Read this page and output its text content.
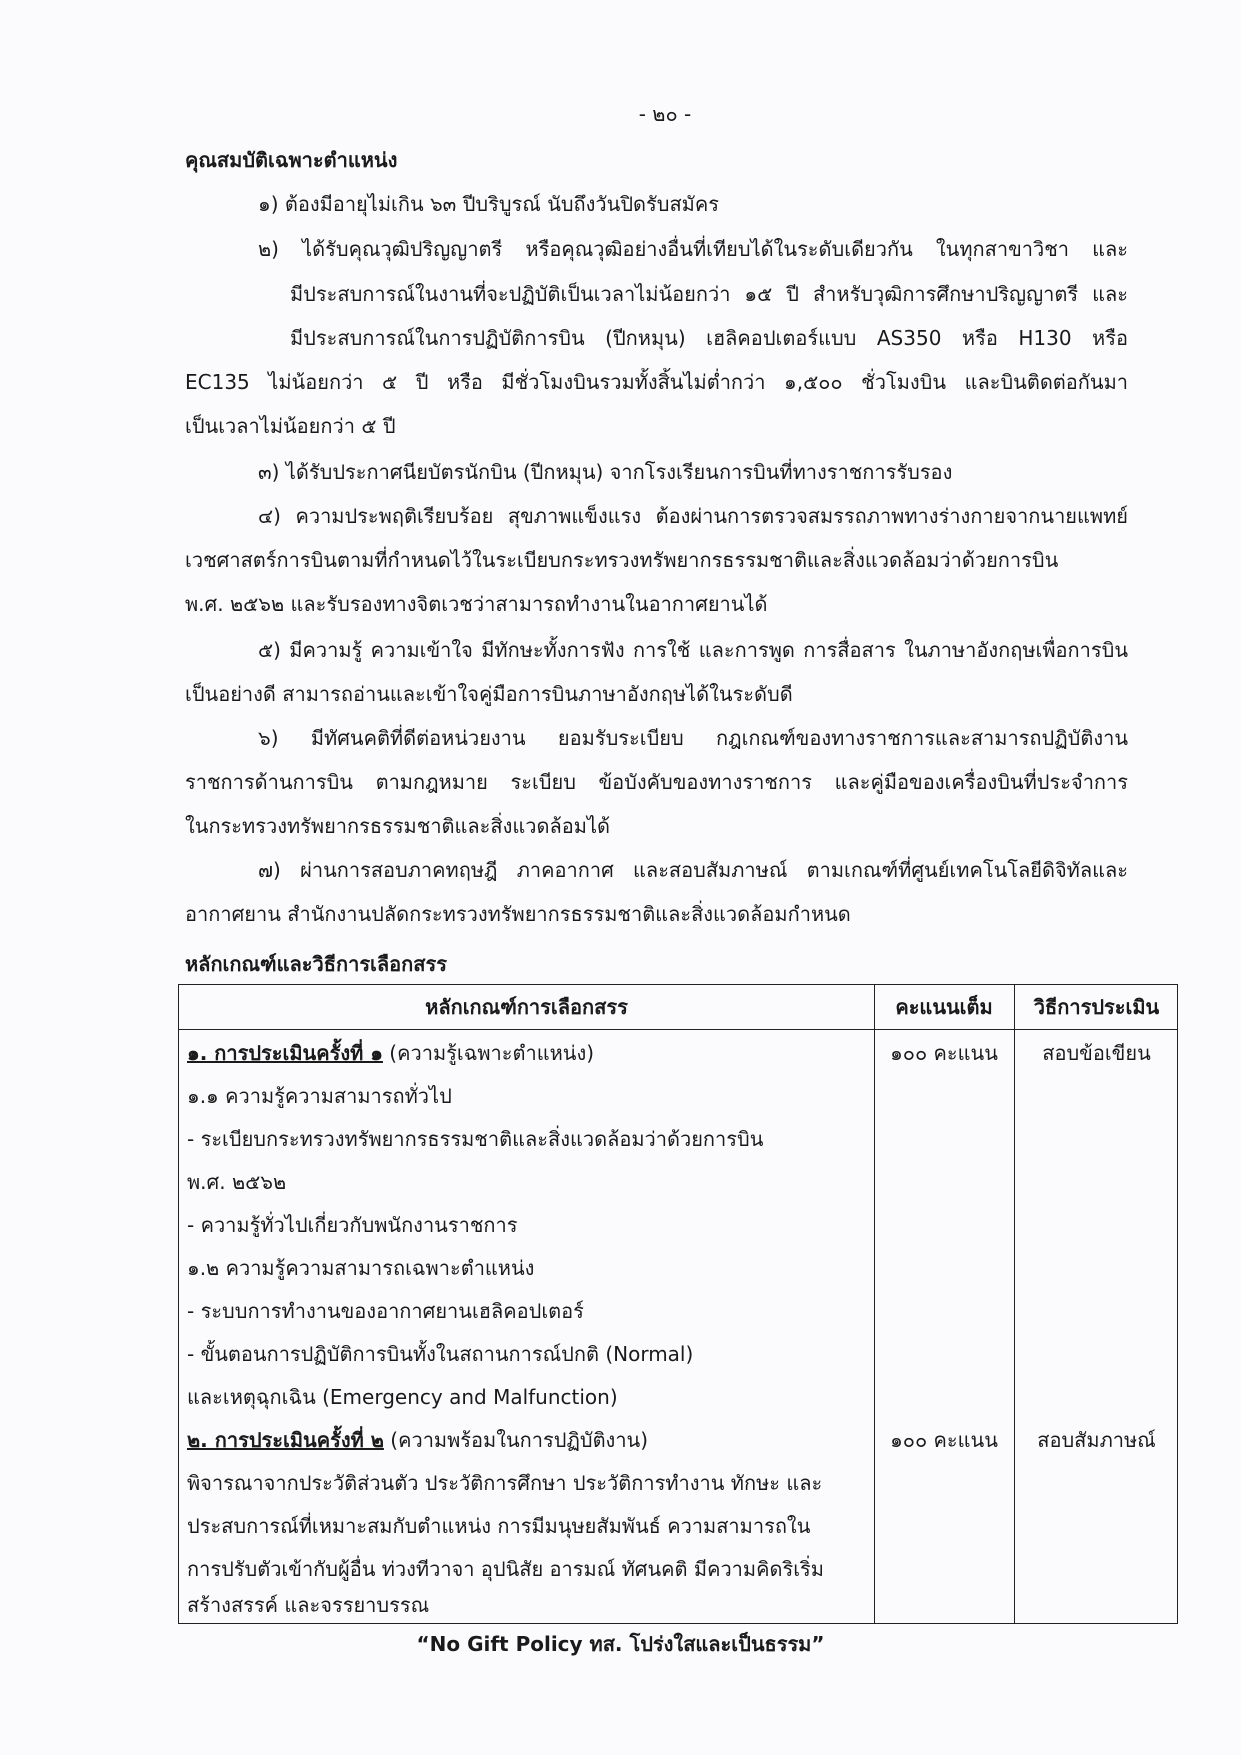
- ๒๐ -

คุณสมบัติเฉพาะตำแหน่ง

๑) ต้องมีอายุไม่เกิน ๖๓ ปีบริบูรณ์ นับถึงวันปิดรับสมัคร

๒) ได้รับคุณวุฒิปริญญาตรี หรือคุณวุฒิอย่างอื่นที่เทียบได้ในระดับเดียวกัน ในทุกสาขาวิชา และ

มีประสบการณ์ในงานที่จะปฏิบัติเป็นเวลาไม่น้อยกว่า ๑๕ ปี สำหรับวุฒิการศึกษาปริญญาตรี และ

มีประสบการณ์ในการปฏิบัติการบิน (ปีกหมุน) เฮลิคอปเตอร์แบบ AS350 หรือ H130 หรือ

EC135 ไม่น้อยกว่า ๕ ปี หรือ มีชั่วโมงบินรวมทั้งสิ้นไม่ต่ำกว่า ๑,๕๐๐ ชั่วโมงบิน และบินติดต่อกันมา

เป็นเวลาไม่น้อยกว่า ๕ ปี

๓) ได้รับประกาศนียบัตรนักบิน (ปีกหมุน) จากโรงเรียนการบินที่ทางราชการรับรอง

๔) ความประพฤติเรียบร้อย สุขภาพแข็งแรง ต้องผ่านการตรวจสมรรถภาพทางร่างกายจากนายแพทย์

เวชศาสตร์การบินตามที่กำหนดไว้ในระเบียบกระทรวงทรัพยากรธรรมชาติและสิ่งแวดล้อมว่าด้วยการบิน

พ.ศ. ๒๕๖๒ และรับรองทางจิตเวชว่าสามารถทำงานในอากาศยานได้

๕) มีความรู้ ความเข้าใจ มีทักษะทั้งการฟัง การใช้ และการพูด การสื่อสาร ในภาษาอังกฤษเพื่อการบิน

เป็นอย่างดี สามารถอ่านและเข้าใจคู่มือการบินภาษาอังกฤษได้ในระดับดี

๖) มีทัศนคติที่ดีต่อหน่วยงาน ยอมรับระเบียบ กฎเกณฑ์ของทางราชการและสามารถปฏิบัติงาน

ราชการด้านการบิน ตามกฎหมาย ระเบียบ ข้อบังคับของทางราชการ และคู่มือของเครื่องบินที่ประจำการ

ในกระทรวงทรัพยากรธรรมชาติและสิ่งแวดล้อมได้

๗) ผ่านการสอบภาคทฤษฎี ภาคอากาศ และสอบสัมภาษณ์ ตามเกณฑ์ที่ศูนย์เทคโนโลยีดิจิทัลและ

อากาศยาน สำนักงานปลัดกระทรวงทรัพยากรธรรมชาติและสิ่งแวดล้อมกำหนด

หลักเกณฑ์และวิธีการเลือกสรร

หลักเกณฑ์การเลือกสรร	คะแนนเต็ม	วิธีการประเมิน

๑. การประเมินครั้งที่ ๑ (ความรู้เฉพาะตำแหน่ง)	๑๐๐ คะแนน	สอบข้อเขียน

๑.๑ ความรู้ความสามารถทั่วไป

- ระเบียบกระทรวงทรัพยากรธรรมชาติและสิ่งแวดล้อมว่าด้วยการบิน

พ.ศ. ๒๕๖๒

- ความรู้ทั่วไปเกี่ยวกับพนักงานราชการ

๑.๒ ความรู้ความสามารถเฉพาะตำแหน่ง

- ระบบการทำงานของอากาศยานเฮลิคอปเตอร์

- ขั้นตอนการปฏิบัติการบินทั้งในสถานการณ์ปกติ (Normal)

และเหตุฉุกเฉิน (Emergency and Malfunction)

๒. การประเมินครั้งที่ ๒ (ความพร้อมในการปฏิบัติงาน)	๑๐๐ คะแนน	สอบสัมภาษณ์

พิจารณาจากประวัติส่วนตัว ประวัติการศึกษา ประวัติการทำงาน ทักษะ และ

ประสบการณ์ที่เหมาะสมกับตำแหน่ง การมีมนุษยสัมพันธ์ ความสามารถใน

การปรับตัวเข้ากับผู้อื่น ท่วงทีวาจา อุปนิสัย อารมณ์ ทัศนคติ มีความคิดริเริ่ม

สร้างสรรค์ และจรรยาบรรณ

“No Gift Policy ทส. โปร่งใสและเป็นธรรม”
